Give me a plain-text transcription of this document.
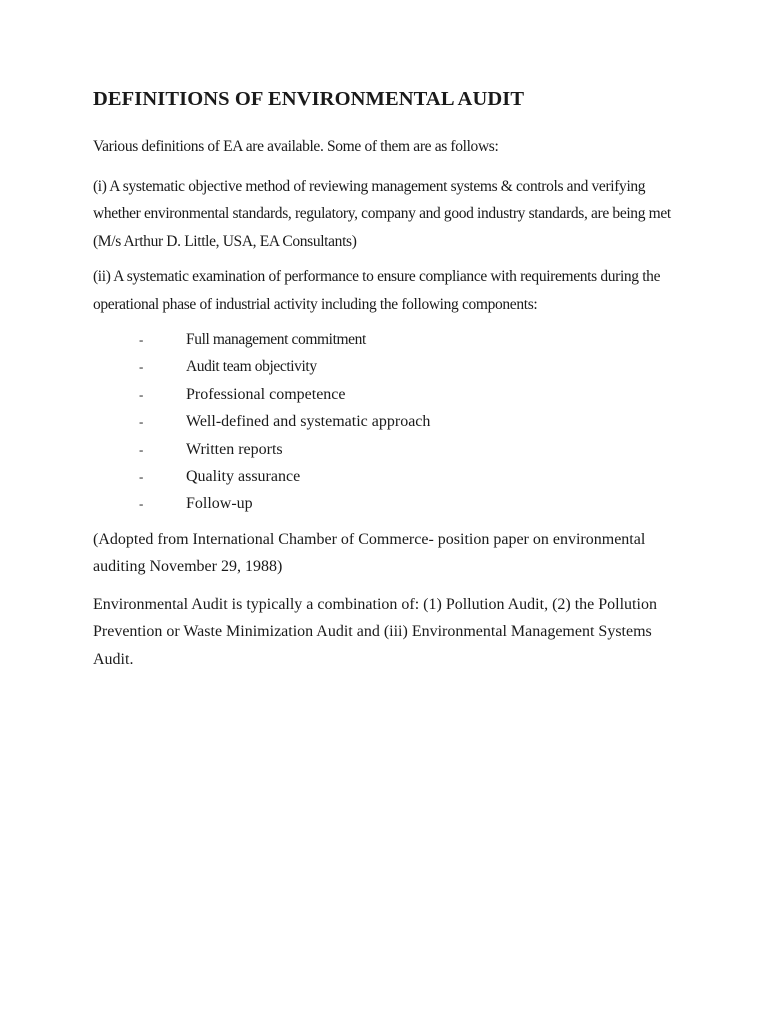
DEFINITIONS OF ENVIRONMENTAL AUDIT

Various definitions of EA are available. Some of them are as follows:

(i) A systematic objective method of reviewing management systems & controls and verifying whether environmental standards, regulatory, company and good industry standards, are being met (M/s Arthur D. Little, USA, EA Consultants)

(ii) A systematic examination of performance to ensure compliance with requirements during the operational phase of industrial activity including the following components:

-	Full management commitment
-	Audit team objectivity
-	Professional competence
-	Well-defined and systematic approach
-	Written reports
-	Quality assurance
-	Follow-up

(Adopted from International Chamber of Commerce- position paper on environmental auditing November 29, 1988)

Environmental Audit is typically a combination of: (1) Pollution Audit, (2) the Pollution Prevention or Waste Minimization Audit and (iii) Environmental Management Systems Audit.
